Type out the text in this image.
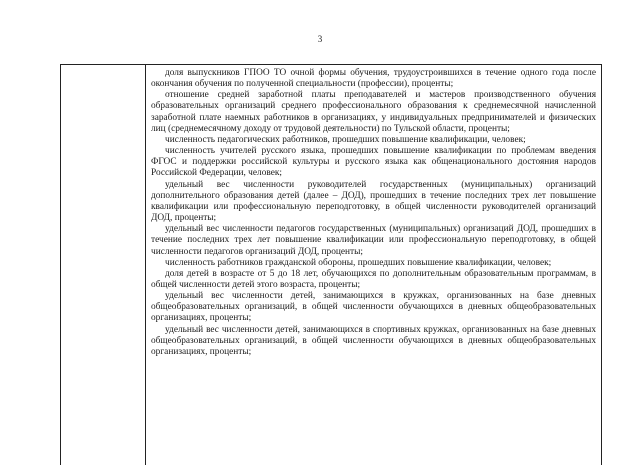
3

доля выпускников ГПОО ТО очной формы обучения, трудоустроившихся в течение одного года после окончания обучения по полученной специальности (профессии), проценты;

отношение средней заработной платы преподавателей и мастеров производственного обучения образовательных организаций среднего профессионального образования к среднемесячной начисленной заработной плате наемных работников в организациях, у индивидуальных предпринимателей и физических лиц (среднемесячному доходу от трудовой деятельности) по Тульской области, проценты;

численность педагогических работников, прошедших повышение квалификации, человек;

численность учителей русского языка, прошедших повышение квалификации по проблемам введения ФГОС и поддержки российской культуры и русского языка как общенационального достояния народов Российской Федерации, человек;

удельный вес численности руководителей государственных (муниципальных) организаций дополнительного образования детей (далее – ДОД), прошедших в течение последних трех лет повышение квалификации или профессиональную переподготовку, в общей численности руководителей организаций ДОД, проценты;

удельный вес численности педагогов государственных (муниципальных) организаций ДОД, прошедших в течение последних трех лет повышение квалификации или профессиональную переподготовку, в общей численности педагогов организаций ДОД, проценты;

численность работников гражданской обороны, прошедших повышение квалификации, человек;

доля детей в возрасте от 5 до 18 лет, обучающихся по дополнительным образовательным программам, в общей численности детей этого возраста, проценты;

удельный вес численности детей, занимающихся в кружках, организованных на базе дневных общеобразовательных организаций, в общей численности обучающихся в дневных общеобразовательных организациях, проценты;

удельный вес численности детей, занимающихся в спортивных кружках, организованных на базе дневных общеобразовательных организаций, в общей численности обучающихся в дневных общеобразовательных организациях, проценты;
